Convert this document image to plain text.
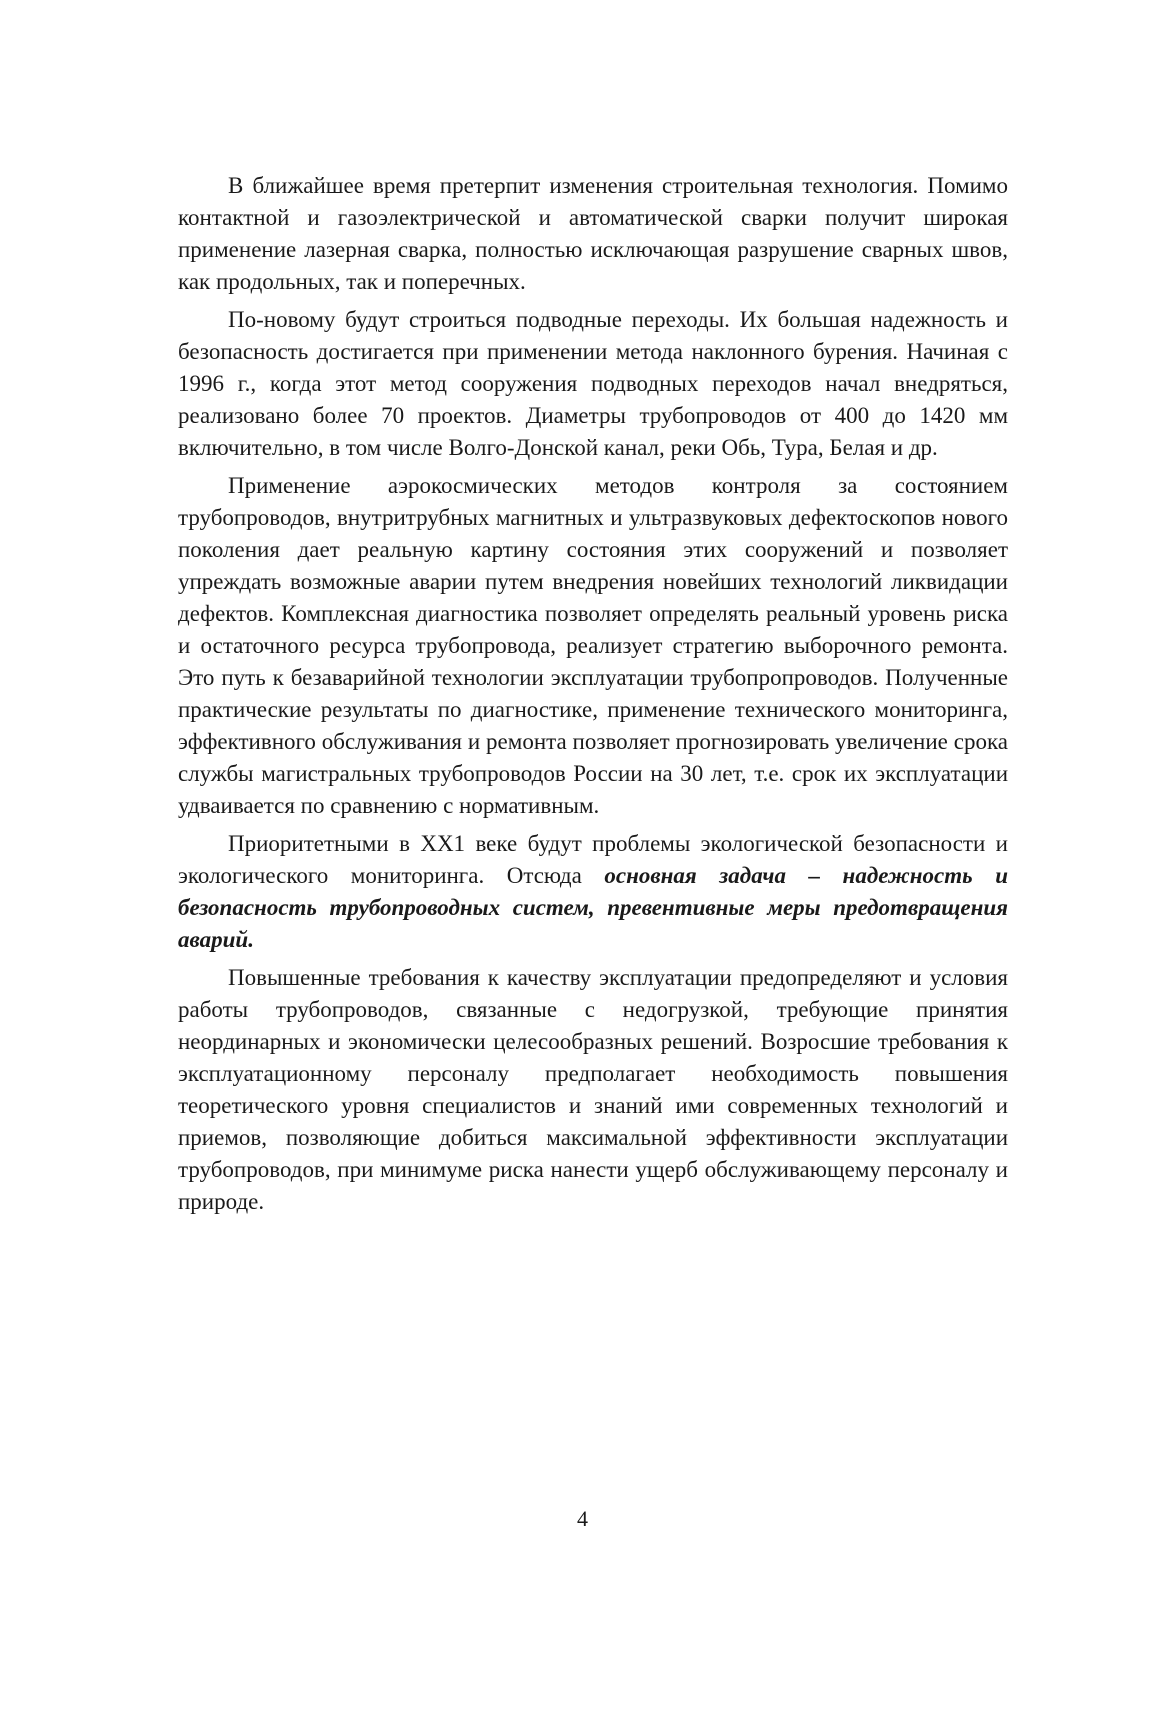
В ближайшее время претерпит изменения строительная технология. Помимо контактной и газоэлектрической и автоматической сварки получит широкая применение лазерная сварка, полностью исключающая разрушение сварных швов, как продольных, так и поперечных.

По-новому будут строиться подводные переходы. Их большая надежность и безопасность достигается при применении метода наклонного бурения. Начиная с 1996 г., когда этот метод сооружения подводных переходов начал внедряться, реализовано более 70 проектов. Диаметры трубопроводов от 400 до 1420 мм включительно, в том числе Волго-Донской канал, реки Обь, Тура, Белая и др.

Применение аэрокосмических методов контроля за состоянием трубопроводов, внутритрубных магнитных и ультразвуковых дефектоскопов нового поколения дает реальную картину состояния этих сооружений и позволяет упреждать возможные аварии путем внедрения новейших технологий ликвидации дефектов. Комплексная диагностика позволяет определять реальный уровень риска и остаточного ресурса трубопровода, реализует стратегию выборочного ремонта. Это путь к безаварийной технологии эксплуатации трубопропроводов. Полученные практические результаты по диагностике, применение технического мониторинга, эффективного обслуживания и ремонта позволяет прогнозировать увеличение срока службы магистральных трубопроводов России на 30 лет, т.е. срок их эксплуатации удваивается по сравнению с нормативным.

Приоритетными в ХХ1 веке будут проблемы экологической безопасности и экологического мониторинга. Отсюда основная задача – надежность и безопасность трубопроводных систем, превентивные меры предотвращения аварий.

Повышенные требования к качеству эксплуатации предопределяют и условия работы трубопроводов, связанные с недогрузкой, требующие принятия неординарных и экономически целесообразных решений. Возросшие требования к эксплуатационному персоналу предполагает необходимость повышения теоретического уровня специалистов и знаний ими современных технологий и приемов, позволяющие добиться максимальной эффективности эксплуатации трубопроводов, при минимуме риска нанести ущерб обслуживающему персоналу и природе.

4
